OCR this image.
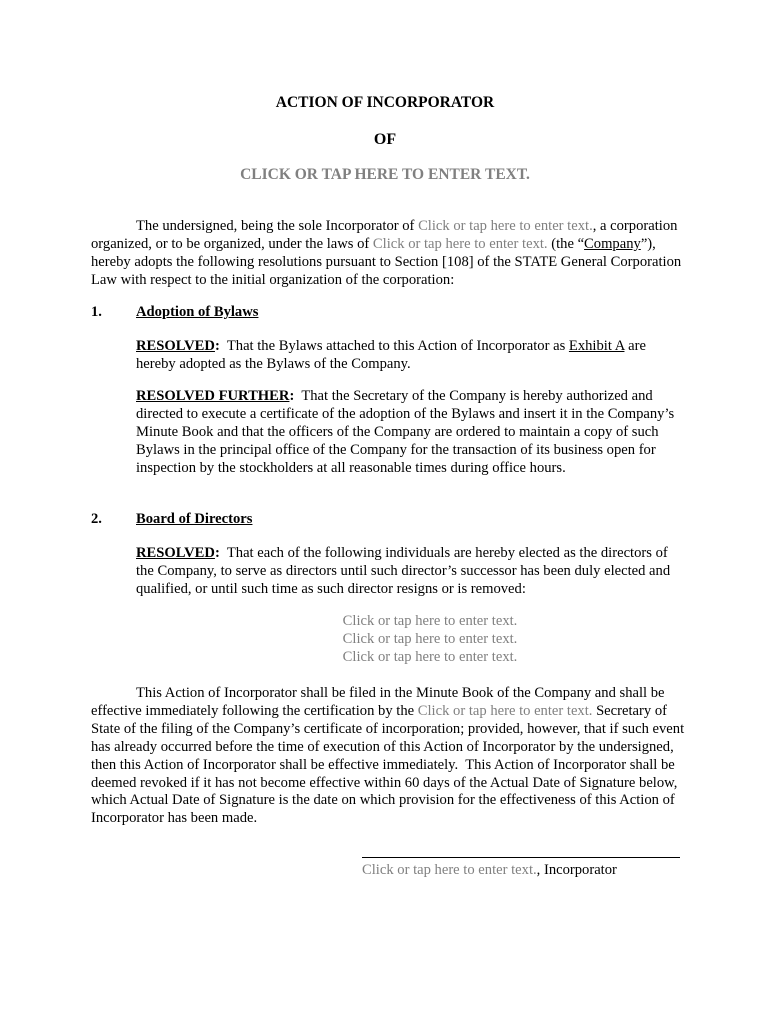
ACTION OF INCORPORATOR
OF
CLICK OR TAP HERE TO ENTER TEXT.

The undersigned, being the sole Incorporator of Click or tap here to enter text., a corporation organized, or to be organized, under the laws of Click or tap here to enter text. (the “Company”), hereby adopts the following resolutions pursuant to Section [108] of the STATE General Corporation Law with respect to the initial organization of the corporation:

1. Adoption of Bylaws

RESOLVED:  That the Bylaws attached to this Action of Incorporator as Exhibit A are hereby adopted as the Bylaws of the Company.

RESOLVED FURTHER:  That the Secretary of the Company is hereby authorized and directed to execute a certificate of the adoption of the Bylaws and insert it in the Company’s Minute Book and that the officers of the Company are ordered to maintain a copy of such Bylaws in the principal office of the Company for the transaction of its business open for inspection by the stockholders at all reasonable times during office hours.

2. Board of Directors

RESOLVED:  That each of the following individuals are hereby elected as the directors of the Company, to serve as directors until such director’s successor has been duly elected and qualified, or until such time as such director resigns or is removed:

Click or tap here to enter text.
Click or tap here to enter text.
Click or tap here to enter text.

This Action of Incorporator shall be filed in the Minute Book of the Company and shall be effective immediately following the certification by the Click or tap here to enter text. Secretary of State of the filing of the Company’s certificate of incorporation; provided, however, that if such event has already occurred before the time of execution of this Action of Incorporator by the undersigned, then this Action of Incorporator shall be effective immediately.  This Action of Incorporator shall be deemed revoked if it has not become effective within 60 days of the Actual Date of Signature below, which Actual Date of Signature is the date on which provision for the effectiveness of this Action of Incorporator has been made.

Click or tap here to enter text., Incorporator
